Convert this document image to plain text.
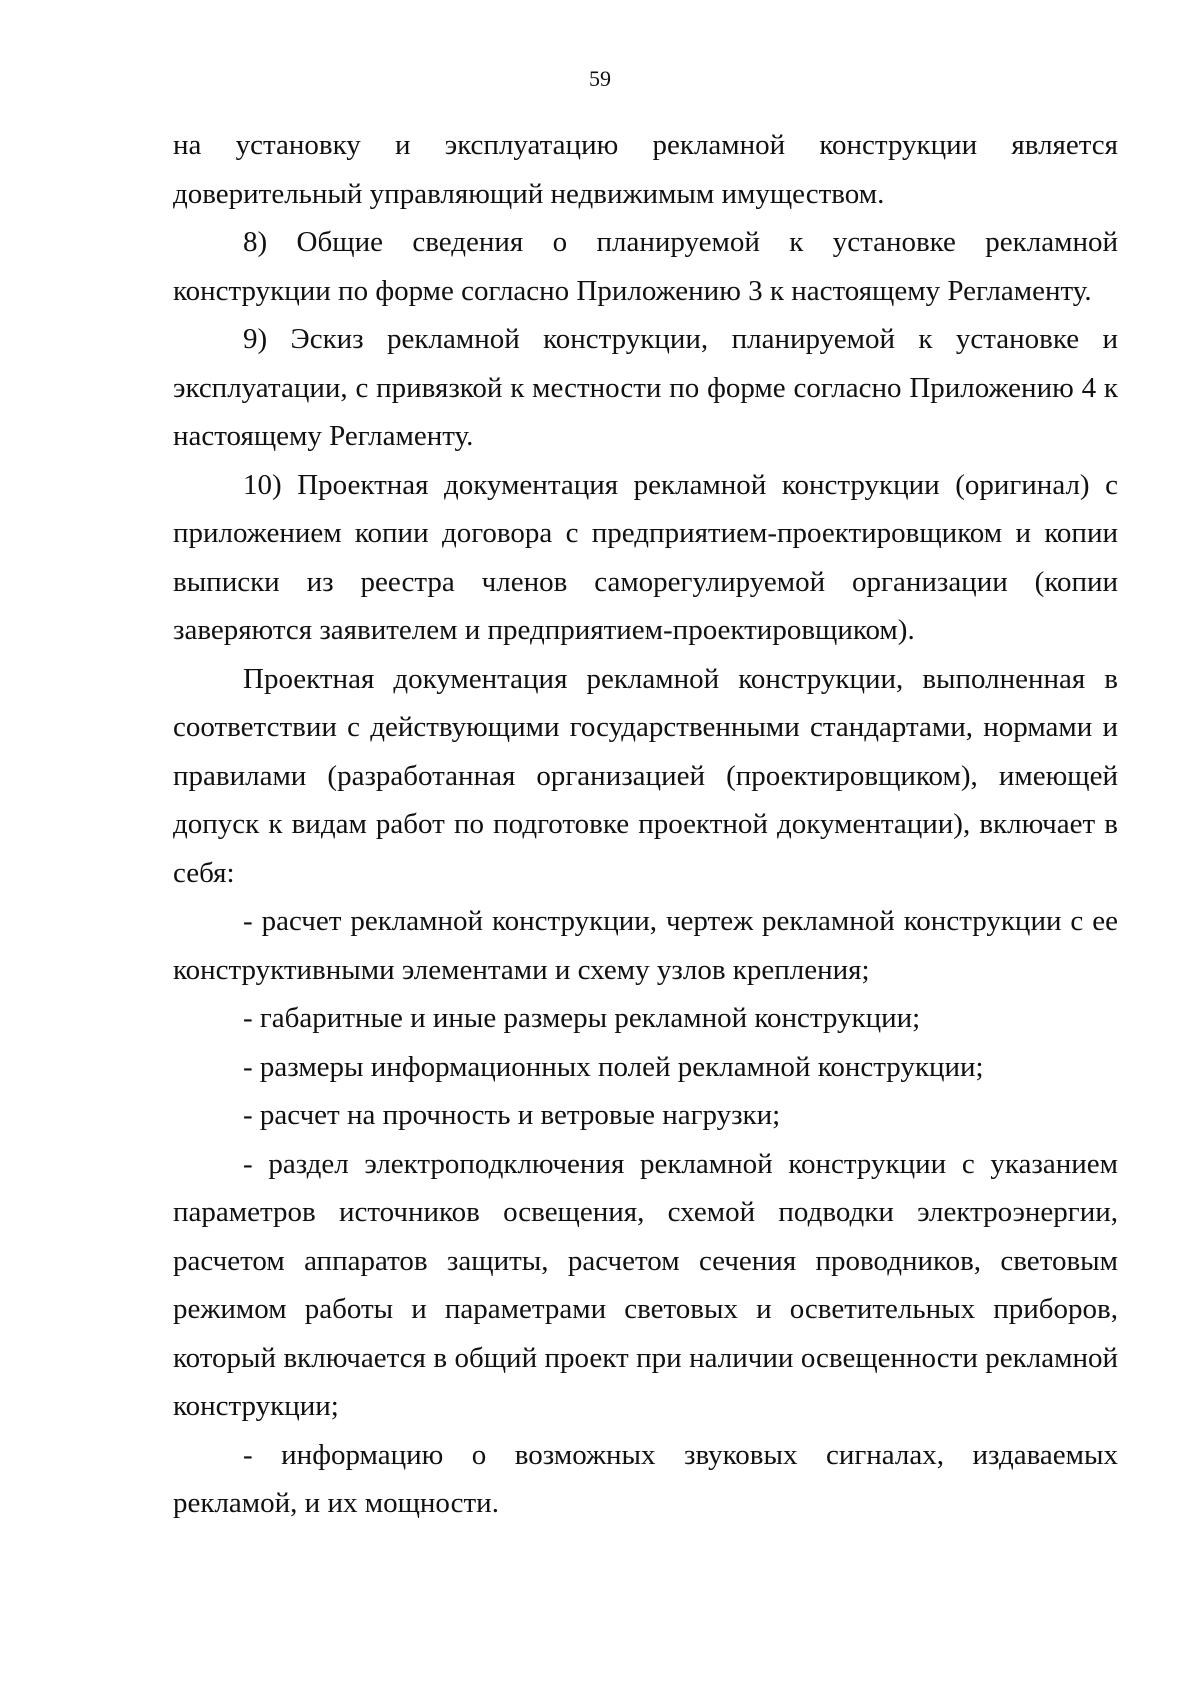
59

на установку и эксплуатацию рекламной конструкции является доверительный управляющий недвижимым имуществом.

8) Общие сведения о планируемой к установке рекламной конструкции по форме согласно Приложению 3 к настоящему Регламенту.

9) Эскиз рекламной конструкции, планируемой к установке и эксплуатации, с привязкой к местности по форме согласно Приложению 4 к настоящему Регламенту.

10) Проектная документация рекламной конструкции (оригинал) с приложением копии договора с предприятием-проектировщиком и копии выписки из реестра членов саморегулируемой организации (копии заверяются заявителем и предприятием-проектировщиком).

Проектная документация рекламной конструкции, выполненная в соответствии с действующими государственными стандартами, нормами и правилами (разработанная организацией (проектировщиком), имеющей допуск к видам работ по подготовке проектной документации), включает в себя:

- расчет рекламной конструкции, чертеж рекламной конструкции с ее конструктивными элементами и схему узлов крепления;

- габаритные и иные размеры рекламной конструкции;

- размеры информационных полей рекламной конструкции;

- расчет на прочность и ветровые нагрузки;

- раздел электроподключения рекламной конструкции с указанием параметров источников освещения, схемой подводки электроэнергии, расчетом аппаратов защиты, расчетом сечения проводников, световым режимом работы и параметрами световых и осветительных приборов, который включается в общий проект при наличии освещенности рекламной конструкции;

- информацию о возможных звуковых сигналах, издаваемых рекламой, и их мощности.
